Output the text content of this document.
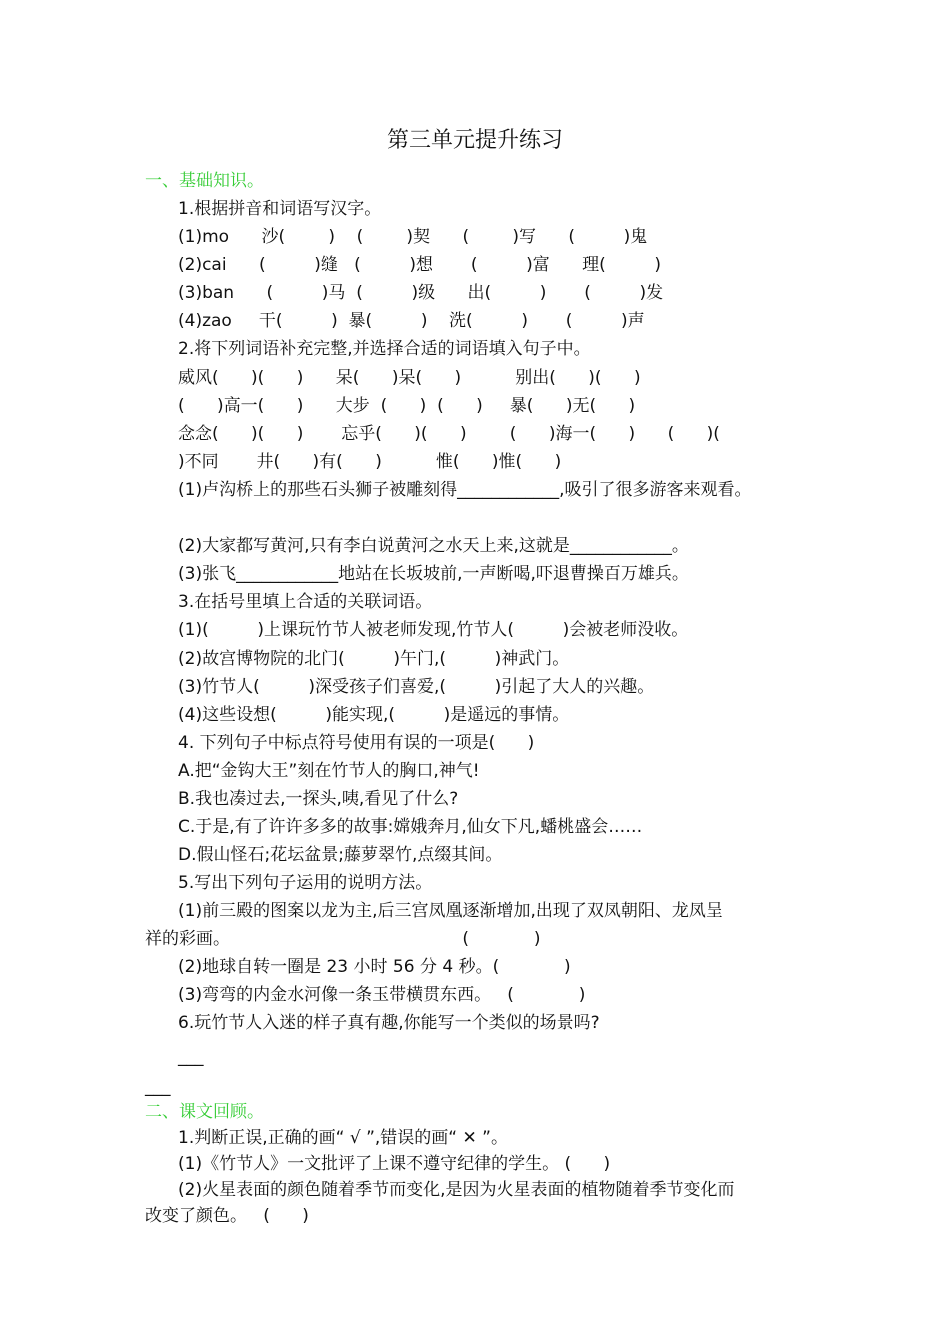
第三单元提升练习
一、基础知识。
1.根据拼音和词语写汉字。
(1)mo      沙(        )    (        )契      (        )写      (         )鬼
(2)cai      (         )缝   (         )想       (         )富      理(         )
(3)ban      (         )马  (         )级      出(         )       (         )发
(4)zao     干(         )  暴(         )    洗(         )       (         )声
2.将下列词语补充完整,并选择合适的词语填入句子中。
威风(      )(      )      呆(      )呆(      )          别出(      )(      )
(      )高一(      )      大步  (      )  (      )     暴(      )无(      )
念念(      )(      )       忘乎(      )(      )        (      )海一(      )      (      )(
)不同       井(      )有(      )          惟(      )惟(      )
(1)卢沟桥上的那些石头狮子被雕刻得____________,吸引了很多游客来观看。
(2)大家都写黄河,只有李白说黄河之水天上来,这就是____________。
(3)张飞____________地站在长坂坡前,一声断喝,吓退曹操百万雄兵。
3.在括号里填上合适的关联词语。
(1)(         )上课玩竹节人被老师发现,竹节人(         )会被老师没收。
(2)故宫博物院的北门(         )午门,(         )神武门。
(3)竹节人(         )深受孩子们喜爱,(         )引起了大人的兴趣。
(4)这些设想(         )能实现,(         )是遥远的事情。
4. 下列句子中标点符号使用有误的一项是(      )
A.把“金钩大王”刻在竹节人的胸口,神气!
B.我也凑过去,一探头,咦,看见了什么?
C.于是,有了许许多多的故事:嫦娥奔月,仙女下凡,蟠桃盛会……
D.假山怪石;花坛盆景;藤萝翠竹,点缀其间。
5.写出下列句子运用的说明方法。
(1)前三殿的图案以龙为主,后三宫凤凰逐渐增加,出现了双凤朝阳、龙凤呈
祥的彩画。                                           (            )
(2)地球自转一圈是 23 小时 56 分 4 秒。(            )
(3)弯弯的内金水河像一条玉带横贯东西。   (            )
6.玩竹节人入迷的样子真有趣,你能写一个类似的场景吗?
___
___
二、课文回顾。
1.判断正误,正确的画“ √ ”,错误的画“ ✕ ”。
(1)《竹节人》一文批评了上课不遵守纪律的学生。 (      )
(2)火星表面的颜色随着季节而变化,是因为火星表面的植物随着季节变化而
改变了颜色。   (      )
